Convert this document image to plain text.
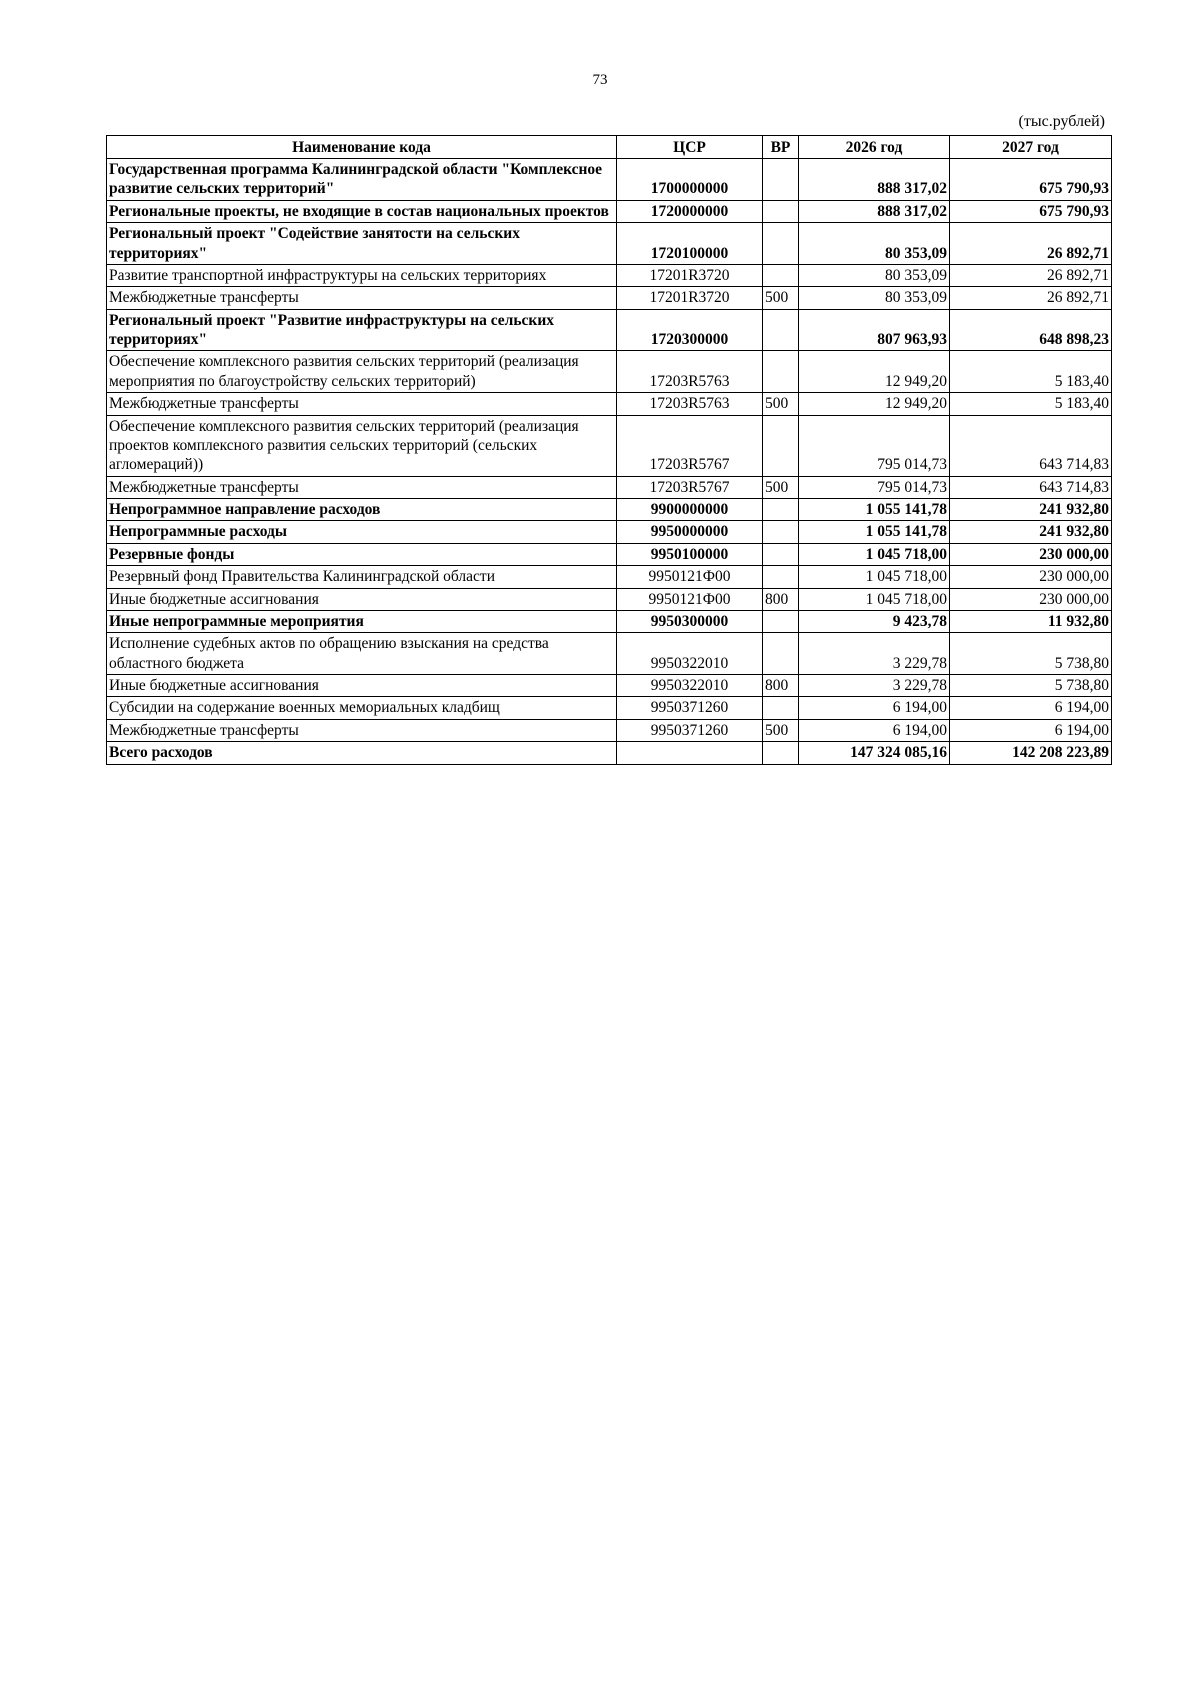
73
(тыс.рублей)
Наименование кода	ЦСР	ВР	2026 год	2027 год
Государственная программа Калининградской области "Комплексное развитие сельских территорий"	1700000000		888 317,02	675 790,93
Региональные проекты, не входящие в состав национальных проектов	1720000000		888 317,02	675 790,93
Региональный проект "Содействие занятости на сельских территориях"	1720100000		80 353,09	26 892,71
Развитие транспортной инфраструктуры на сельских территориях	17201R3720		80 353,09	26 892,71
Межбюджетные трансферты	17201R3720	500	80 353,09	26 892,71
Региональный проект "Развитие инфраструктуры на сельских территориях"	1720300000		807 963,93	648 898,23
Обеспечение комплексного развития сельских территорий (реализация мероприятия по благоустройству сельских территорий)	17203R5763		12 949,20	5 183,40
Межбюджетные трансферты	17203R5763	500	12 949,20	5 183,40
Обеспечение комплексного развития сельских территорий (реализация проектов комплексного развития сельских территорий (сельских агломераций))	17203R5767		795 014,73	643 714,83
Межбюджетные трансферты	17203R5767	500	795 014,73	643 714,83
Непрограммное направление расходов	9900000000		1 055 141,78	241 932,80
Непрограммные расходы	9950000000		1 055 141,78	241 932,80
Резервные фонды	9950100000		1 045 718,00	230 000,00
Резервный фонд Правительства Калининградской области	9950121Ф00		1 045 718,00	230 000,00
Иные бюджетные ассигнования	9950121Ф00	800	1 045 718,00	230 000,00
Иные непрограммные мероприятия	9950300000		9 423,78	11 932,80
Исполнение судебных актов по обращению взыскания на средства областного бюджета	9950322010		3 229,78	5 738,80
Иные бюджетные ассигнования	9950322010	800	3 229,78	5 738,80
Субсидии на содержание военных мемориальных кладбищ	9950371260		6 194,00	6 194,00
Межбюджетные трансферты	9950371260	500	6 194,00	6 194,00
Всего расходов			147 324 085,16	142 208 223,89
